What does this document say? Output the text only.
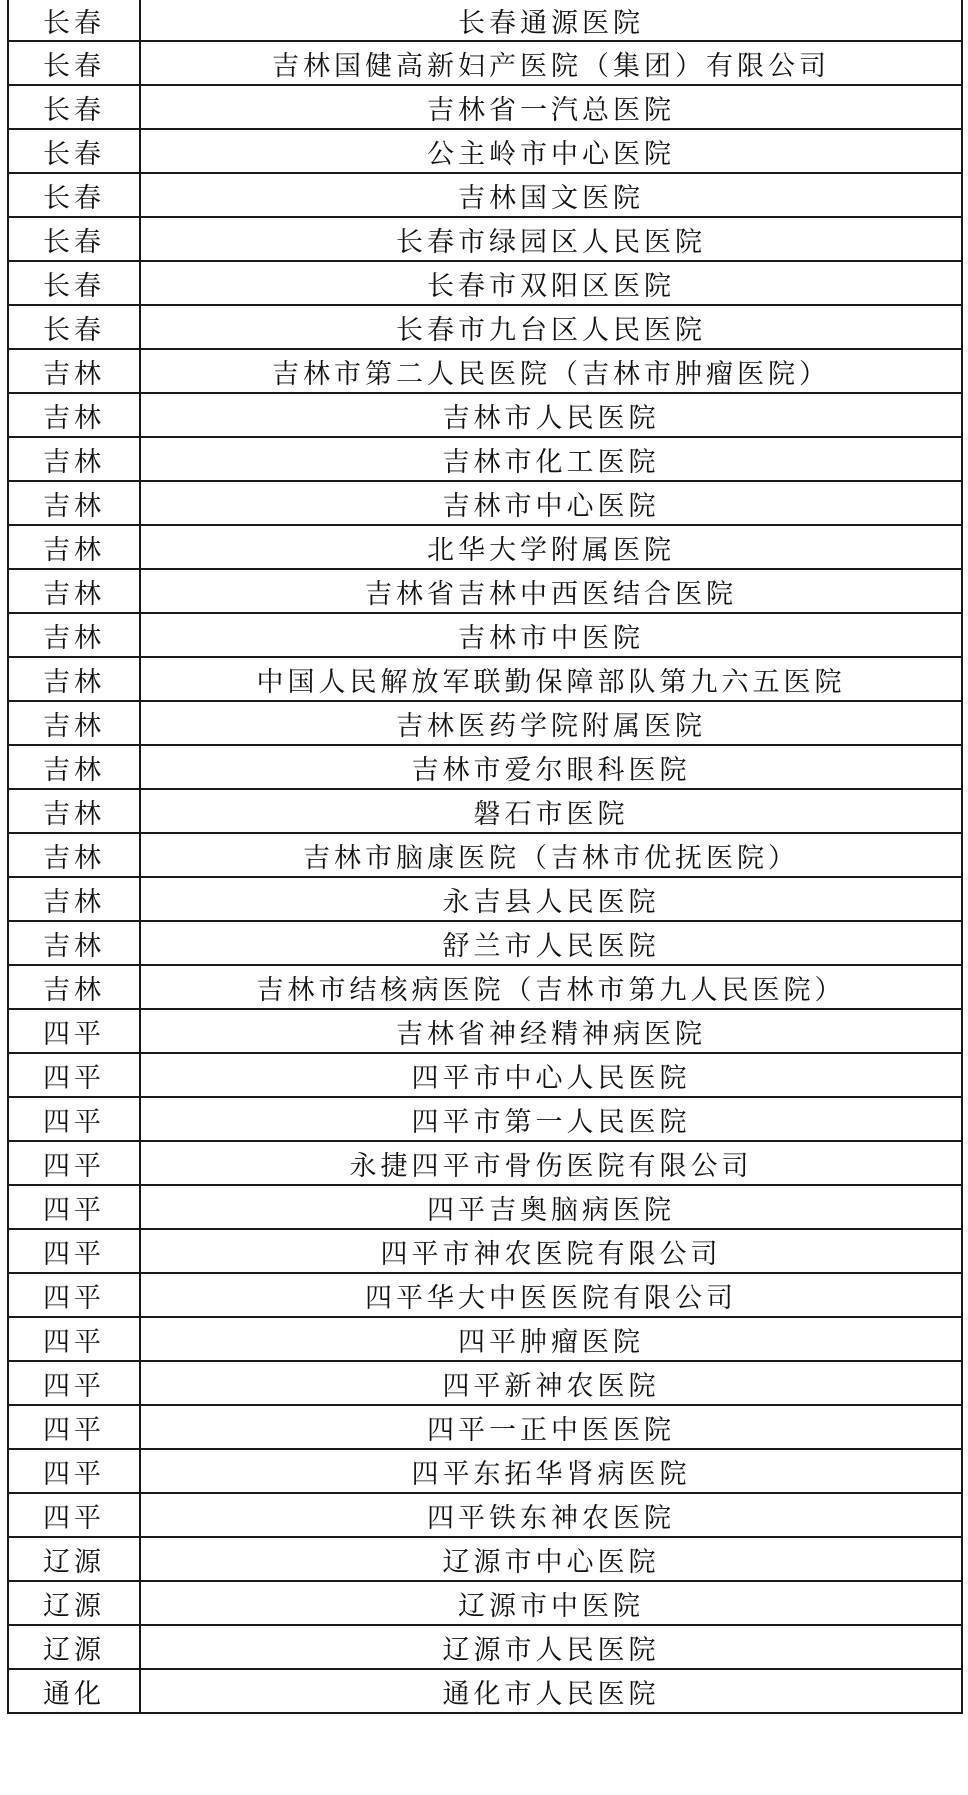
长春	长春通源医院
长春	吉林国健高新妇产医院（集团）有限公司
长春	吉林省一汽总医院
长春	公主岭市中心医院
长春	吉林国文医院
长春	长春市绿园区人民医院
长春	长春市双阳区医院
长春	长春市九台区人民医院
吉林	吉林市第二人民医院（吉林市肿瘤医院）
吉林	吉林市人民医院
吉林	吉林市化工医院
吉林	吉林市中心医院
吉林	北华大学附属医院
吉林	吉林省吉林中西医结合医院
吉林	吉林市中医院
吉林	中国人民解放军联勤保障部队第九六五医院
吉林	吉林医药学院附属医院
吉林	吉林市爱尔眼科医院
吉林	磐石市医院
吉林	吉林市脑康医院（吉林市优抚医院）
吉林	永吉县人民医院
吉林	舒兰市人民医院
吉林	吉林市结核病医院（吉林市第九人民医院）
四平	吉林省神经精神病医院
四平	四平市中心人民医院
四平	四平市第一人民医院
四平	永捷四平市骨伤医院有限公司
四平	四平吉奥脑病医院
四平	四平市神农医院有限公司
四平	四平华大中医医院有限公司
四平	四平肿瘤医院
四平	四平新神农医院
四平	四平一正中医医院
四平	四平东拓华肾病医院
四平	四平铁东神农医院
辽源	辽源市中心医院
辽源	辽源市中医院
辽源	辽源市人民医院
通化	通化市人民医院
